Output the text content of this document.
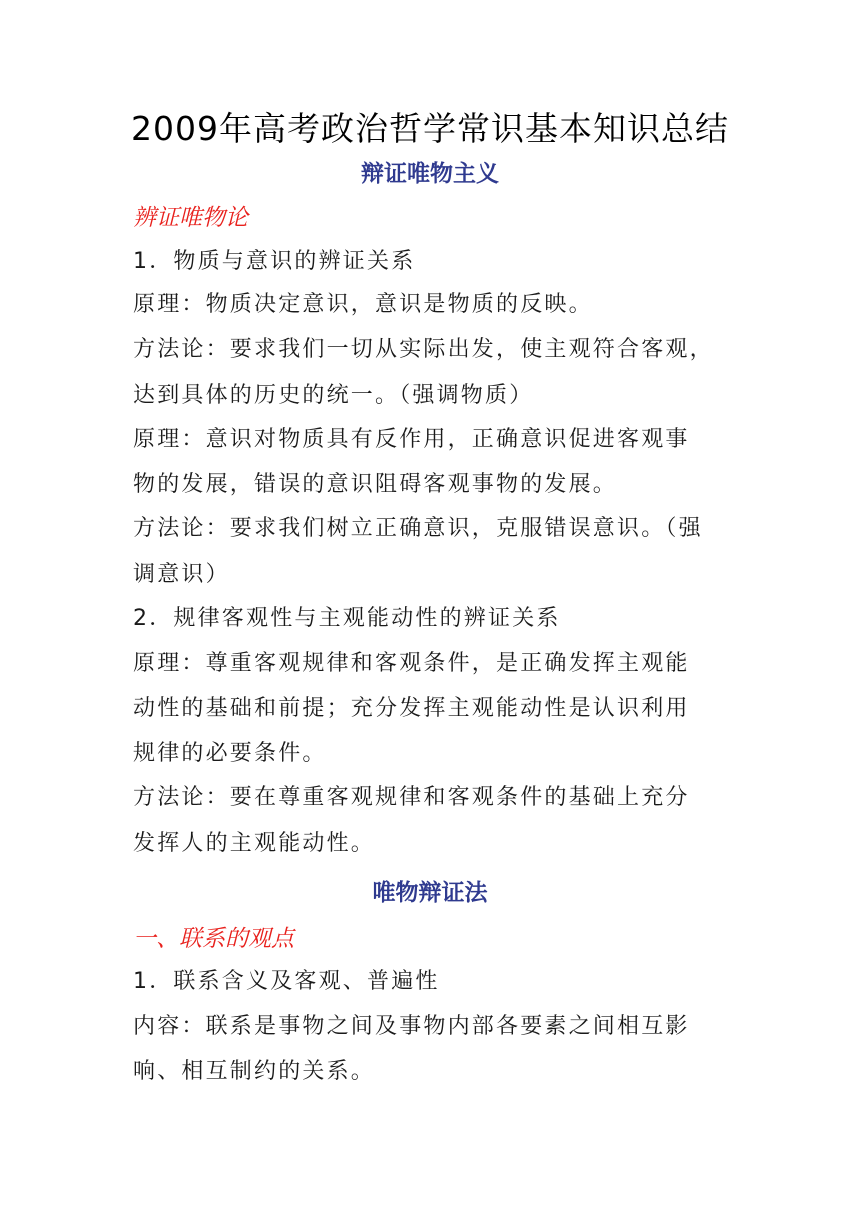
2009年高考政治哲学常识基本知识总结
辩证唯物主义
辨证唯物论
1．物质与意识的辨证关系
原理：物质决定意识，意识是物质的反映。
方法论：要求我们一切从实际出发，使主观符合客观，
达到具体的历史的统一。（强调物质）
原理：意识对物质具有反作用，正确意识促进客观事
物的发展，错误的意识阻碍客观事物的发展。
方法论：要求我们树立正确意识，克服错误意识。（强
调意识）
2．规律客观性与主观能动性的辨证关系
原理：尊重客观规律和客观条件，是正确发挥主观能
动性的基础和前提；充分发挥主观能动性是认识利用
规律的必要条件。
方法论：要在尊重客观规律和客观条件的基础上充分
发挥人的主观能动性。
唯物辩证法
一、联系的观点
1．联系含义及客观、普遍性
内容：联系是事物之间及事物内部各要素之间相互影
响、相互制约的关系。
